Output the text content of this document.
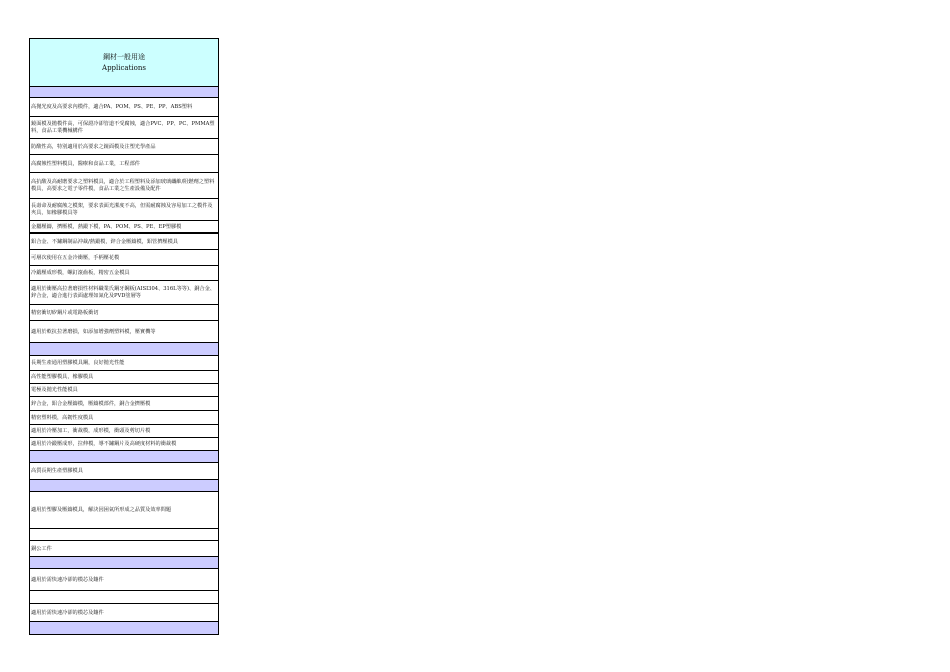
鋼材一般用途
Applications
高拋光度及高要求內模件，適合PA、POM、PS、PE、PP、ABS塑料
鏡面模及拋模件高，可保證冷卻管道不受腐蝕，適合PVC、PP、PC、PMMA塑料，食品工業機械構件
防酸性高，特別適用於高要求之鏡面模及注塑光學產品
高腐蝕性塑料模具，醫療和食品工業，工程部件
高抗酸及高耐磨要求之塑料模具，適合於工程塑料及添加玻璃纖維/阻燃劑之塑料模具，高要求之電子零件模，食品工業之生產設備及配件
長壽命及耐腐蝕之模架，要求表面光潔度不高，但需耐腐蝕及容易加工之模件及夾具，如橡膠模具等
金屬壓鑄，擠壓模，熱鍛下模，PA、POM、PS、PE、EP塑膠模
鋁合金、不鏽鋼制品沖裁/熱鍛模，鋅合金壓鑄模，鋁管擠壓模具
可層次使用在五金冷衝壓，手柄壓花模
冷鍛壓成形模，螺釘滾齒板，精密五金模具
適用於衝壓高拉著磨損性材料職業氏鋼牙鋼板(AISI304、316L等等)、銅合金、鋅合金，適合進行表面處理如氮化及PVD塗層等
精密衝切矽鋼片或電路板衝切
適用於軟抗拉著磨損，如添加增強劑塑料模，壓實機等
長期生產通用塑膠模具鋼，良好拋光性能
高性能塑膠模具，橡膠模具
電極及拋光性能模具
鋅合金，鋁合金壓鑄模，壓鑄模部件，銅合金擠壓模
精密塑料模，高韌性度模具
適用於冷壓加工，衝裁模，成形模，衝頭及剪切片模
適用於冷鍛壓成形，拉伸模，導不鏽鋼片及高硬度材料的衝裁模
高質長期生產塑膠模具
適用於塑膠及壓鑄模具，解決因困氣所形成之品質及效率問題
銅公工件
適用於需快速冷卻的模芯及鑲件
適用於需快速冷卻的模芯及鑲件
